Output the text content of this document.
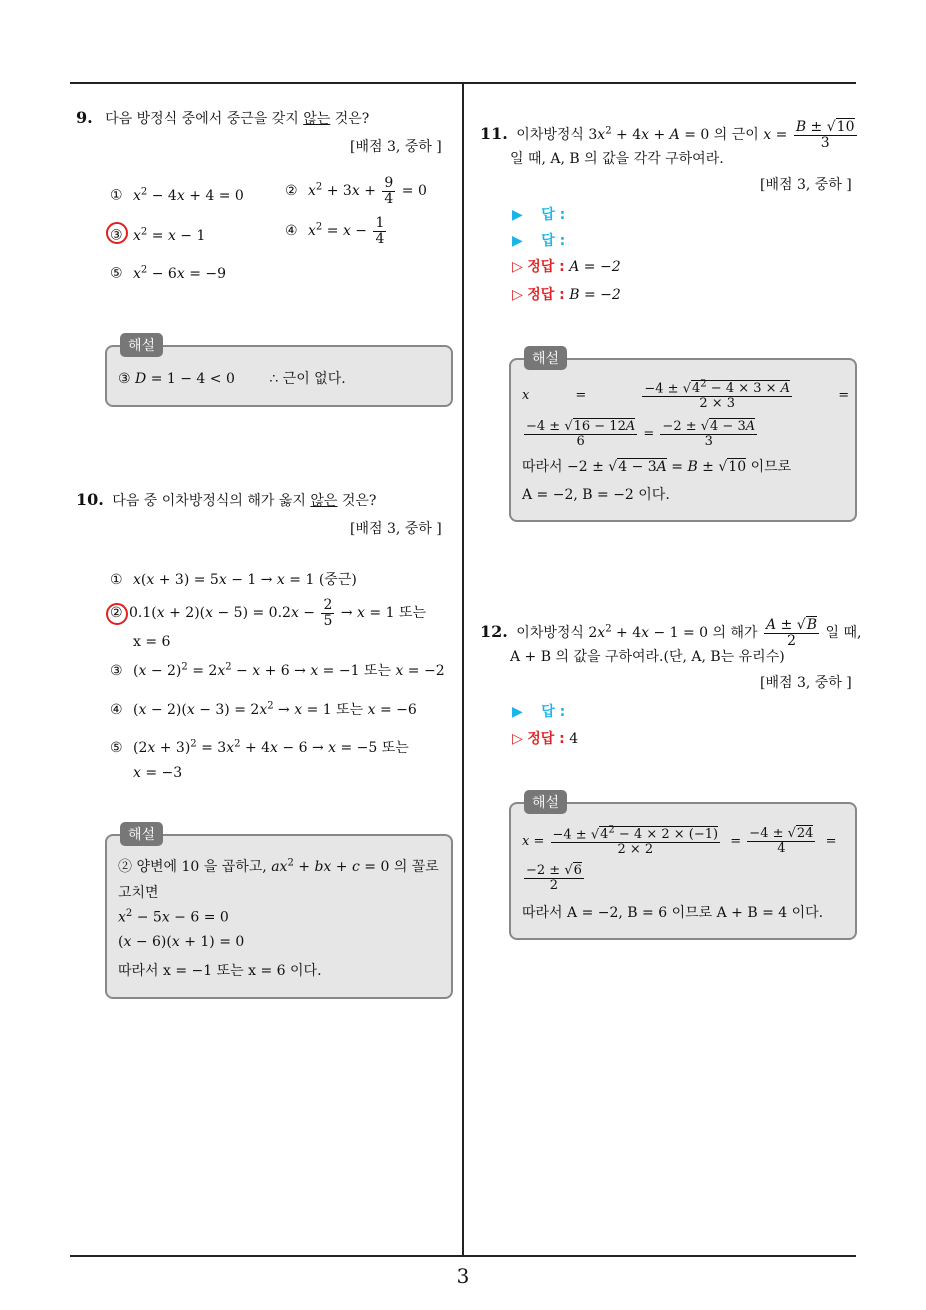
9. 다음 방정식 중에서 중근을 갖지 않는 것은?
[배점 3, 중하 ]
① $x^2 - 4x + 4 = 0$	② $x^2 + 3x + \frac{9}{4} = 0$
③ $x^2 = x - 1$	④ $x^2 = x - \frac{1}{4}$
⑤ $x^2 - 6x = -9$
해설
③ D = 1 − 4 < 0 ∴ 근이 없다.
10. 다음 중 이차방정식의 해가 옳지 않은 것은?
[배점 3, 중하 ]
① x(x + 3) = 5x − 1 → x = 1 (중근)
② $0.1(x + 2)(x - 5) = 0.2x - \frac{2}{5} \to x = 1$ 또는
x = 6
③ $(x - 2)^2 = 2x^2 - x + 6 \to x = -1$ 또는 x = −2
④ $(x - 2)(x - 3) = 2x^2 \to x = 1$ 또는 x = −6
⑤ $(2x + 3)^2 = 3x^2 + 4x - 6 \to x = -5$ 또는
x = −3
해설
② 양변에 10 을 곱하고, $ax^2$ + bx + c = 0 의 꼴로
고치면
$x^2 - 5x - 6 = 0$
(x − 6)(x + 1) = 0
따라서 x = −1 또는 x = 6 이다.
11. 이차방정식 $3x^2 + 4x + A = 0$ 의 근이 $x = \frac{B \pm √10}{3}$
일 때, A, B 의 값을 각각 구하여라.
[배점 3, 중하 ]
▶ 답 :
▶ 답 :
▷ 정답 : A = −2
▷ 정답 : B = −2
해설
x	=	$\frac{-4 \pm √4^2 - 4 \times 3 \times A}{2 \times 3}$	=
$\frac{-4 \pm √16 - 12A}{6} = \frac{-2 \pm √4 - 3A}{3}$
따라서 −2 ± √4 − 3A = B ± √10 이므로
A = −2, B = −2 이다.
12. 이차방정식 $2x^2 + 4x - 1 = 0$ 의 해가 $\frac{A \pm √B}{2}$ 일 때,
A + B 의 값을 구하여라.(단, A, B는 유리수)
[배점 3, 중하 ]
▶ 답 :
▷ 정답 : 4
해설
$x = \frac{-4 \pm √4^2 - 4 \times 2 \times (-1)}{2 \times 2} = \frac{-4 \pm √24}{4}$ =
$\frac{-2 \pm √6}{2}$
따라서 A = −2, B = 6 이므로 A + B = 4 이다.
3
